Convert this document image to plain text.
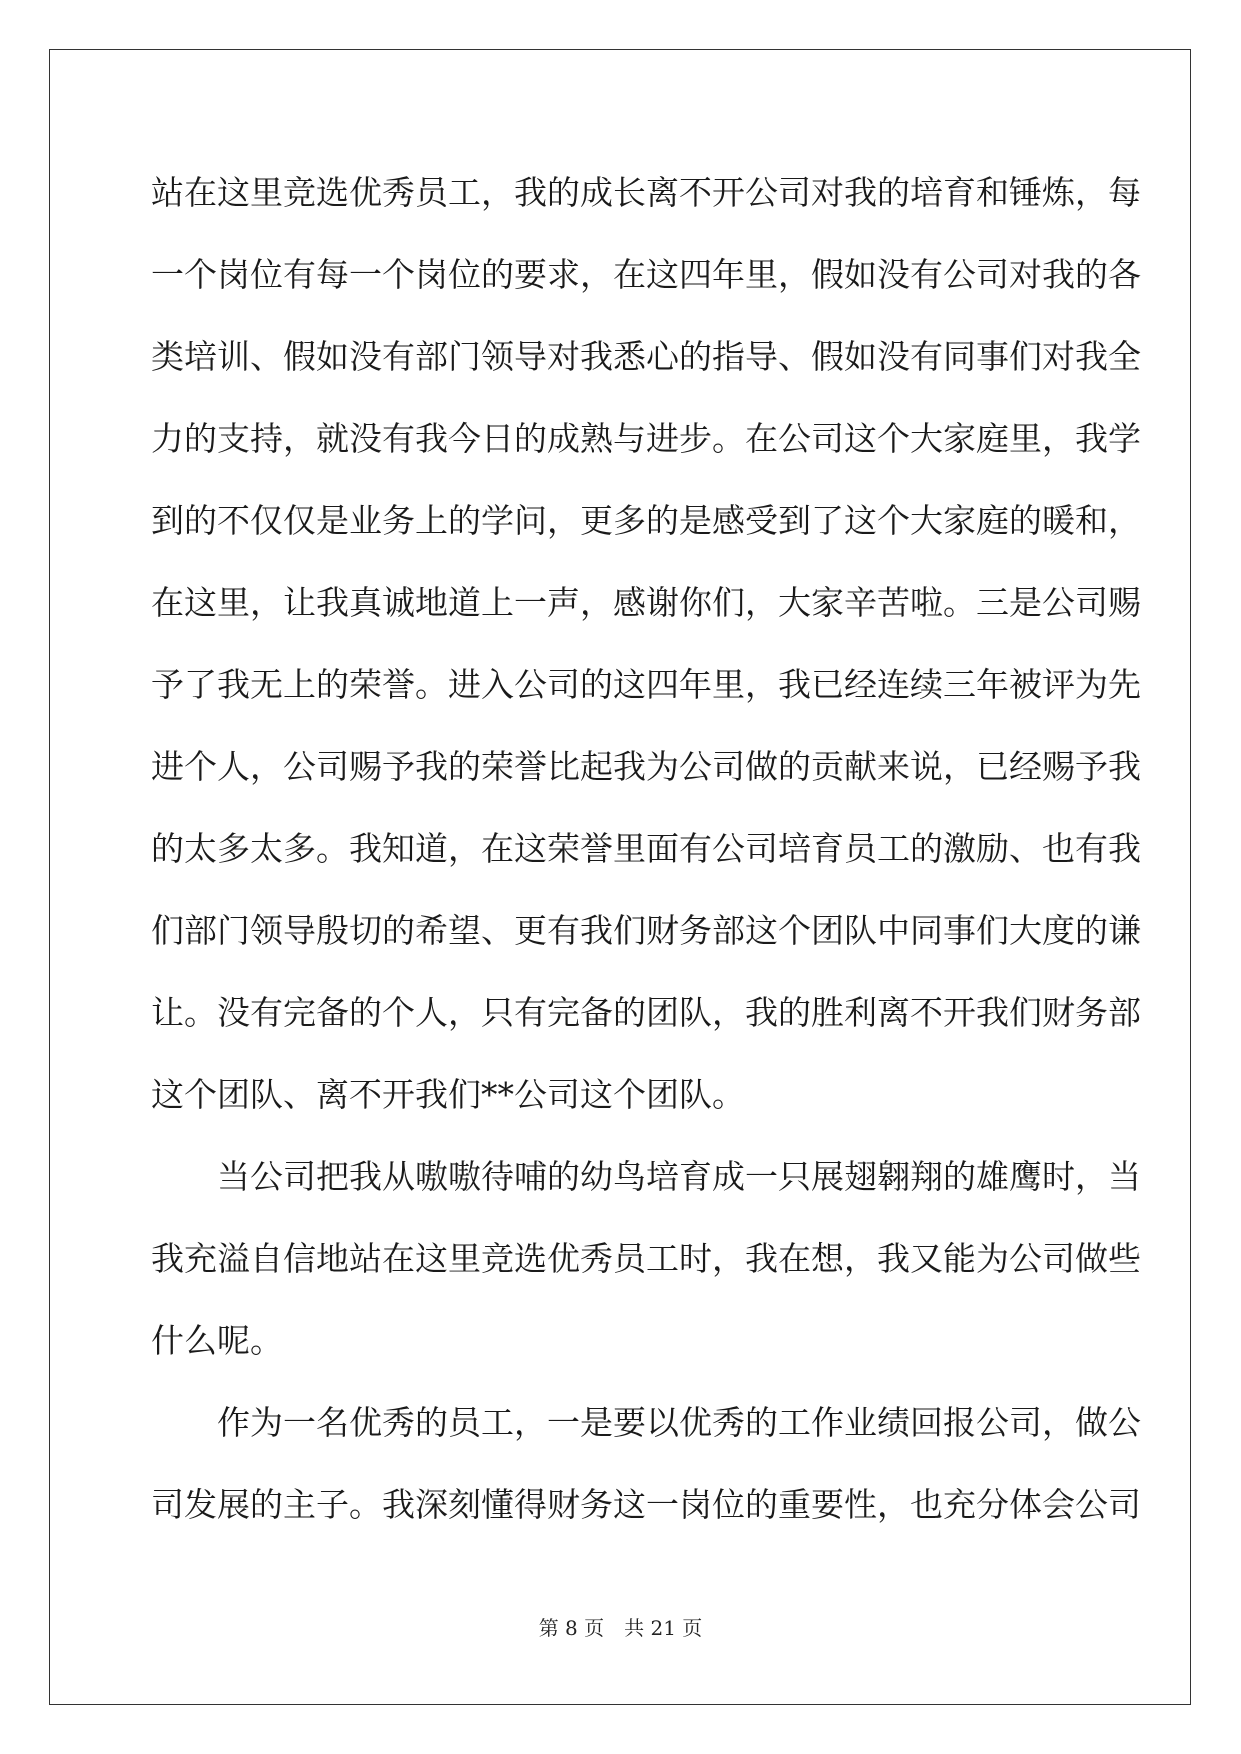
站在这里竞选优秀员工，我的成长离不开公司对我的培育和锤炼，每
一个岗位有每一个岗位的要求，在这四年里，假如没有公司对我的各
类培训、假如没有部门领导对我悉心的指导、假如没有同事们对我全
力的支持，就没有我今日的成熟与进步。在公司这个大家庭里，我学
到的不仅仅是业务上的学问，更多的是感受到了这个大家庭的暖和，
在这里，让我真诚地道上一声，感谢你们，大家辛苦啦。三是公司赐
予了我无上的荣誉。进入公司的这四年里，我已经连续三年被评为先
进个人，公司赐予我的荣誉比起我为公司做的贡献来说，已经赐予我
的太多太多。我知道，在这荣誉里面有公司培育员工的激励、也有我
们部门领导殷切的希望、更有我们财务部这个团队中同事们大度的谦
让。没有完备的个人，只有完备的团队，我的胜利离不开我们财务部
这个团队、离不开我们**公司这个团队。
当公司把我从嗷嗷待哺的幼鸟培育成一只展翅翱翔的雄鹰时，当
我充溢自信地站在这里竞选优秀员工时，我在想，我又能为公司做些
什么呢。
作为一名优秀的员工，一是要以优秀的工作业绩回报公司，做公
司发展的主子。我深刻懂得财务这一岗位的重要性，也充分体会公司
第 8 页 共 21 页
